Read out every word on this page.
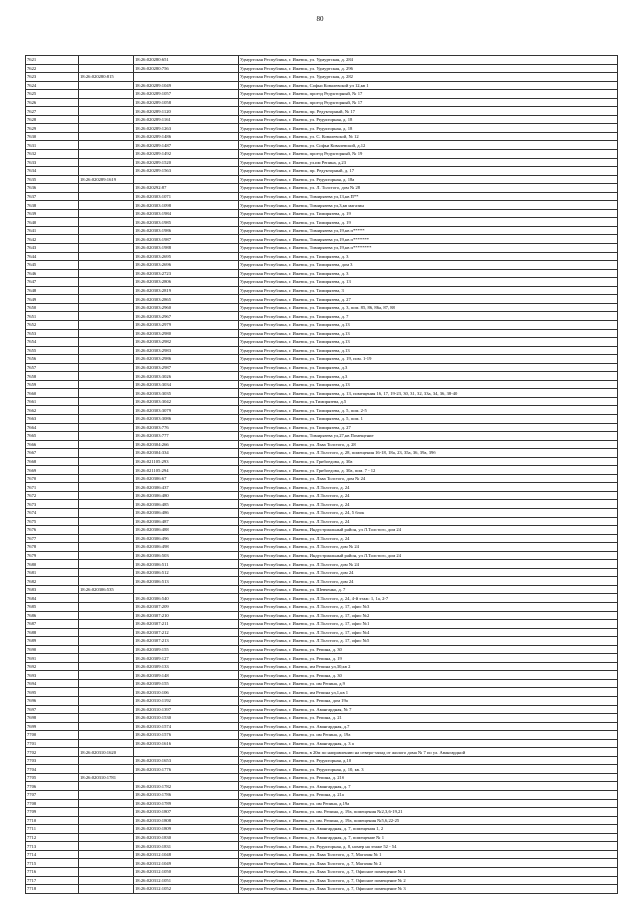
80
7621		18:26:020280:651	Удмуртская Республика, г. Ижевск, ул. Удмуртская, д. 284
7622		18:26:020280:756	Удмуртская Республика, г. Ижевск, ул. Удмуртская, д. 296
7623	18:26:020280:815		Удмуртская Республика, г. Ижевск, ул. Удмуртская, д. 282
7624		18:26:020289:1049	Удмуртская Республика, г. Ижевск, Софьи Ковалевской ул 12,кв 1
7625		18:26:020289:1057	Удмуртская Республика, г. Ижевск, проезд Редукторный, № 17
7626		18:26:020289:1058	Удмуртская Республика, г. Ижевск, проезд Редукторный, № 17
7627		18:26:020289:1120	Удмуртская Республика, г. Ижевск, пр. Редукторный, № 17
7628		18:26:020289:1161	Удмуртская Республика, г. Ижевск, ул. Редукторная, д. 18
7629		18:26:020289:1263	Удмуртская Республика, г. Ижевск, ул. Редукторная, д. 18
7630		18:26:020289:1486	Удмуртская Республика, г. Ижевск, ул. С. Ковалевской, № 12
7631		18:26:020289:1487	Удмуртская Республика, г. Ижевск, ул. Софьи Ковалевской, д.12
7632		18:26:020289:1492	Удмуртская Республика, г. Ижевск, проезд Редукторный, № 19
7633		18:26:020289:1520	Удмуртская Республика, г. Ижевск, ул.им Репина, д.23
7634		18:26:020289:1563	Удмуртская Республика, г. Ижевск, пр. Редукторный, д. 17
7635	18:26:020289:1619		Удмуртская Республика, г. Ижевск, ул. Редукторная, д. 18а
7636		18:26:020292:87	Удмуртская Республика, г. Ижевск, ул. Л. Толстого, дом № 28
7637		18:26:020303:1071	Удмуртская Республика, г. Ижевск, Тимирязева ул,13,кв П**
7638		18:26:020303:1098	Удмуртская Республика, г. Ижевск, Тимирязева ул,3,кв магазин
7639		18:26:020303:1984	Удмуртская Республика, г. Ижевск, ул. Тимирязева, д. 19
7640		18:26:020303:1985	Удмуртская Республика, г. Ижевск, ул. Тимирязева, д. 19
7641		18:26:020303:1986	Удмуртская Республика, г. Ижевск, Тимирязева ул,19,кв п*****
7642		18:26:020303:1987	Удмуртская Республика, г. Ижевск, Тимирязева ул,19,кв п*******
7643		18:26:020303:1988	Удмуртская Республика, г. Ижевск, Тимирязева ул,19,кв п********
7644		18:26:020303:2695	Удмуртская Республика, г. Ижевск, ул. Тимирязева, д. 3
7645		18:26:020303:2696	Удмуртская Республика, г. Ижевск, ул. Тимирязева, дом 3
7646		18:26:020303:2723	Удмуртская Республика, г. Ижевск, ул. Тимирязева, д. 3
7647		18:26:020303:2806	Удмуртская Республика, г. Ижевск, ул. Тимирязева, д. 13
7648		18:26:020303:2819	Удмуртская Республика, г. Ижевск, ул. Тимирязева, 3
7649		18:26:020303:2865	Удмуртская Республика, г. Ижевск, ул. Тимирязева, д. 27
7650		18:26:020303:2960	Удмуртская Республика, г. Ижевск, ул. Тимирязева, д. 3, пом. 85, 86, 86а, 87, 88
7651		18:26:020303:2967	Удмуртская Республика, г. Ижевск, ул. Тимирязева, д. 7
7652		18:26:020303:2979	Удмуртская Республика, г. Ижевск, ул. Тимирязева, д.13
7653		18:26:020303:2980	Удмуртская Республика, г. Ижевск, ул. Тимирязева, д.13
7654		18:26:020303:2982	Удмуртская Республика, г. Ижевск, ул. Тимирязева, д.13
7655		18:26:020303:2983	Удмуртская Республика, г. Ижевск, ул. Тимирязева, д.13
7656		18:26:020303:2986	Удмуртская Республика, г. Ижевск, ул. Тимирязева, д. 19, пом. 1-19
7657		18:26:020303:2987	Удмуртская Республика, г. Ижевск, ул. Тимирязева, д.3
7658		18:26:020303:3026	Удмуртская Республика, г. Ижевск, ул. Тимирязева, д.3
7659		18:26:020303:3034	Удмуртская Республика, г. Ижевск, ул. Тимирязева, д.13
7660		18:26:020303:3035	Удмуртская Республика, г. Ижевск, ул. Тимирязева, д. 13, помещения 16, 17, 19-23, 30, 31, 32, 33а, 34, 36, 38-40
7661		18:26:020303:3042	Удмуртская Республика, г. Ижевск, ул.Тимирязева, д.5
7662		18:26:020303:3079	Удмуртская Республика, г. Ижевск, ул. Тимирязева, д. 5, пом. 2-5
7663		18:26:020303:3086	Удмуртская Республика, г. Ижевск, ул. Тимирязева, д. 5, пом. 1
7664		18:26:020303:776	Удмуртская Республика, г. Ижевск, ул. Тимирязева, д. 27
7665		18:26:020303:777	Удмуртская Республика, г. Ижевск, Тимирязева ул,27,кв Помещение
7666		18:26:020304:266	Удмуртская Республика, г. Ижевск, ул. Льва Толстого, д. 28
7667		18:26:020304:334	Удмуртская Республика, г. Ижевск, ул. Л.Толстого, д. 28, помещения 16-18, 18а, 23, 35а, 36, 39а, 39б
7668		18:26:021105:293	Удмуртская Республика, г. Ижевск, ул. Грибоедова, д. 30а
7669		18:26:021105:294	Удмуртская Республика, г. Ижевск, ул. Грибоедова, д. 30а, пом. 7 - 12
7670		18:26:020306:67	Удмуртская Республика, г. Ижевск, ул. Льва Толстого, дом № 24
7671		18:26:020306:437	Удмуртская Республика, г. Ижевск, ул. Л.Толстого, д. 24
7672		18:26:020306:480	Удмуртская Республика, г. Ижевск, ул. Л.Толстого, д. 24
7673		18:26:020306:485	Удмуртская Республика, г. Ижевск, ул. Л.Толстого, д. 24
7674		18:26:020306:486	Удмуртская Республика, г. Ижевск, ул. Л.Толстого, д. 24, 5 блок
7675		18:26:020306:487	Удмуртская Республика, г. Ижевск, ул. Л.Толстого, д. 24
7676		18:26:020306:488	Удмуртская Республика, г. Ижевск, Индустриальный район, ул Л.Толстого, дом 24
7677		18:26:020306:496	Удмуртская Республика, г. Ижевск, ул. Л.Толстого, д. 24
7678		18:26:020306:498	Удмуртская Республика, г. Ижевск, ул. Л.Толстого, дом № 24
7679		18:26:020306:503	Удмуртская Республика, г. Ижевск, Индустриальный район, ул Л.Толстого, дом 24
7680		18:26:020306:511	Удмуртская Республика, г. Ижевск, ул. Л.Толстого, дом № 24
7681		18:26:020306:512	Удмуртская Республика, г. Ижевск, ул. Л.Толстого, дом 24
7682		18:26:020306:513	Удмуртская Республика, г. Ижевск, ул. Л.Толстого, дом 24
7683	18:26:020306:535		Удмуртская Республика, г. Ижевск, ул. Шевченко, д. 7
7684		18:26:020306:540	Удмуртская Республика, г. Ижевск, ул. Л.Толстого, д. 24, 4-й этаж: 1, 1а, 2-7
7685		18:26:020307:209	Удмуртская Республика, г. Ижевск, ул. Л.Толстого, д. 17, офис №3
7686		18:26:020307:210	Удмуртская Республика, г. Ижевск, ул. Л.Толстого, д. 17, офис №2
7687		18:26:020307:211	Удмуртская Республика, г. Ижевск, ул. Л.Толстого, д. 17, офис №1
7688		18:26:020307:212	Удмуртская Республика, г. Ижевск, ул. Л.Толстого, д. 17, офис №4
7689		18:26:020307:213	Удмуртская Республика, г. Ижевск, ул. Л.Толстого, д. 17, офис №5
7690		18:26:020309:155	Удмуртская Республика, г. Ижевск, ул. Репина, д. 30
7691		18:26:020309:127	Удмуртская Республика, г. Ижевск, ул. Репина, д. 19
7692		18:26:020309:133	Удмуртская Республика, г. Ижевск, им Репина ул,30,кв 2
7693		18:26:020309:148	Удмуртская Республика, г. Ижевск, ул. Репина, д. 30
7694		18:26:020309:155	Удмуртская Республика, г. Ижевск, ул. им Репина, д.9
7695		18:26:020310:106	Удмуртская Республика, г. Ижевск, им Репина ул,1,кв 1
7696		18:26:020310:1192	Удмуртская Республика, г. Ижевск, ул. Репина, дом 19а
7697		18:26:020310:1397	Удмуртская Республика, г. Ижевск, ул. Авангардная, № 7
7698		18:26:020310:1530	Удмуртская Республика, г. Ижевск, ул. Репина, д. 21
7699		18:26:020310:1574	Удмуртская Республика, г. Ижевск, ул. Авангардная, д.7
7700		18:26:020310:1576	Удмуртская Республика, г. Ижевск, ул. им Репина, д. 19а
7701		18:26:020310:1616	Удмуртская Республика, г. Ижевск, ул. Авангардная, д. 3 а
7702	18:26:020310:1620		Удмуртская Республика, г. Ижевск, в 20м по направлению на северо-запад от жилого дома № 7 по ул. Авангардной
7703		18:26:020310:1653	Удмуртская Республика, г. Ижевск, ул. Редукторная, д.10
7704		18:26:020310:1776	Удмуртская Республика, г. Ижевск, ул. Редукторная, д. 10, кв. 3
7705	18:26:020310:1781		Удмуртская Республика, г. Ижевск, ул. Репина, д. 21б
7706		18:26:020310:1782	Удмуртская Республика, г. Ижевск, ул. Авангардная, д. 7
7707		18:26:020310:1786	Удмуртская Республика, г. Ижевск, ул. Репина, д. 21а
7708		18:26:020310:1789	Удмуртская Республика, г. Ижевск, ул. им Репина, д.19а
7709		18:26:020310:1807	Удмуртская Республика, г. Ижевск, ул. им. Репина, д. 19а, помещения №2,3,6-19,21
7710		18:26:020310:1808	Удмуртская Республика, г. Ижевск, ул. им. Репина, д. 19а, помещения №5,6,22-25
7711		18:26:020310:1809	Удмуртская Республика, г. Ижевск, ул. Авангардная, д. 7, помещения 1, 2
7712		18:26:020310:1830	Удмуртская Республика, г. Ижевск, ул. Авангардная, д. 7, помещение № 1
7713		18:26:020310:1831	Удмуртская Республика, г. Ижевск, ул. Редукторная, д. 8, номер на этаже 52 - 54
7714		18:26:020312:1048	Удмуртская Республика, г. Ижевск, ул. Льва Толстого, д. 7, Магазин № 1
7715		18:26:020312:1049	Удмуртская Республика, г. Ижевск, ул. Льва Толстого, д. 7, Магазин № 2
7716		18:26:020312:1050	Удмуртская Республика, г. Ижевск, ул. Льва Толстого, д. 7, Офисное помещение № 1
7717		18:26:020312:1051	Удмуртская Республика, г. Ижевск, ул. Льва Толстого, д. 7, Офисное помещение № 2
7718		18:26:020312:1052	Удмуртская Республика, г. Ижевск, ул. Льва Толстого, д. 7, Офисное помещение № 3
